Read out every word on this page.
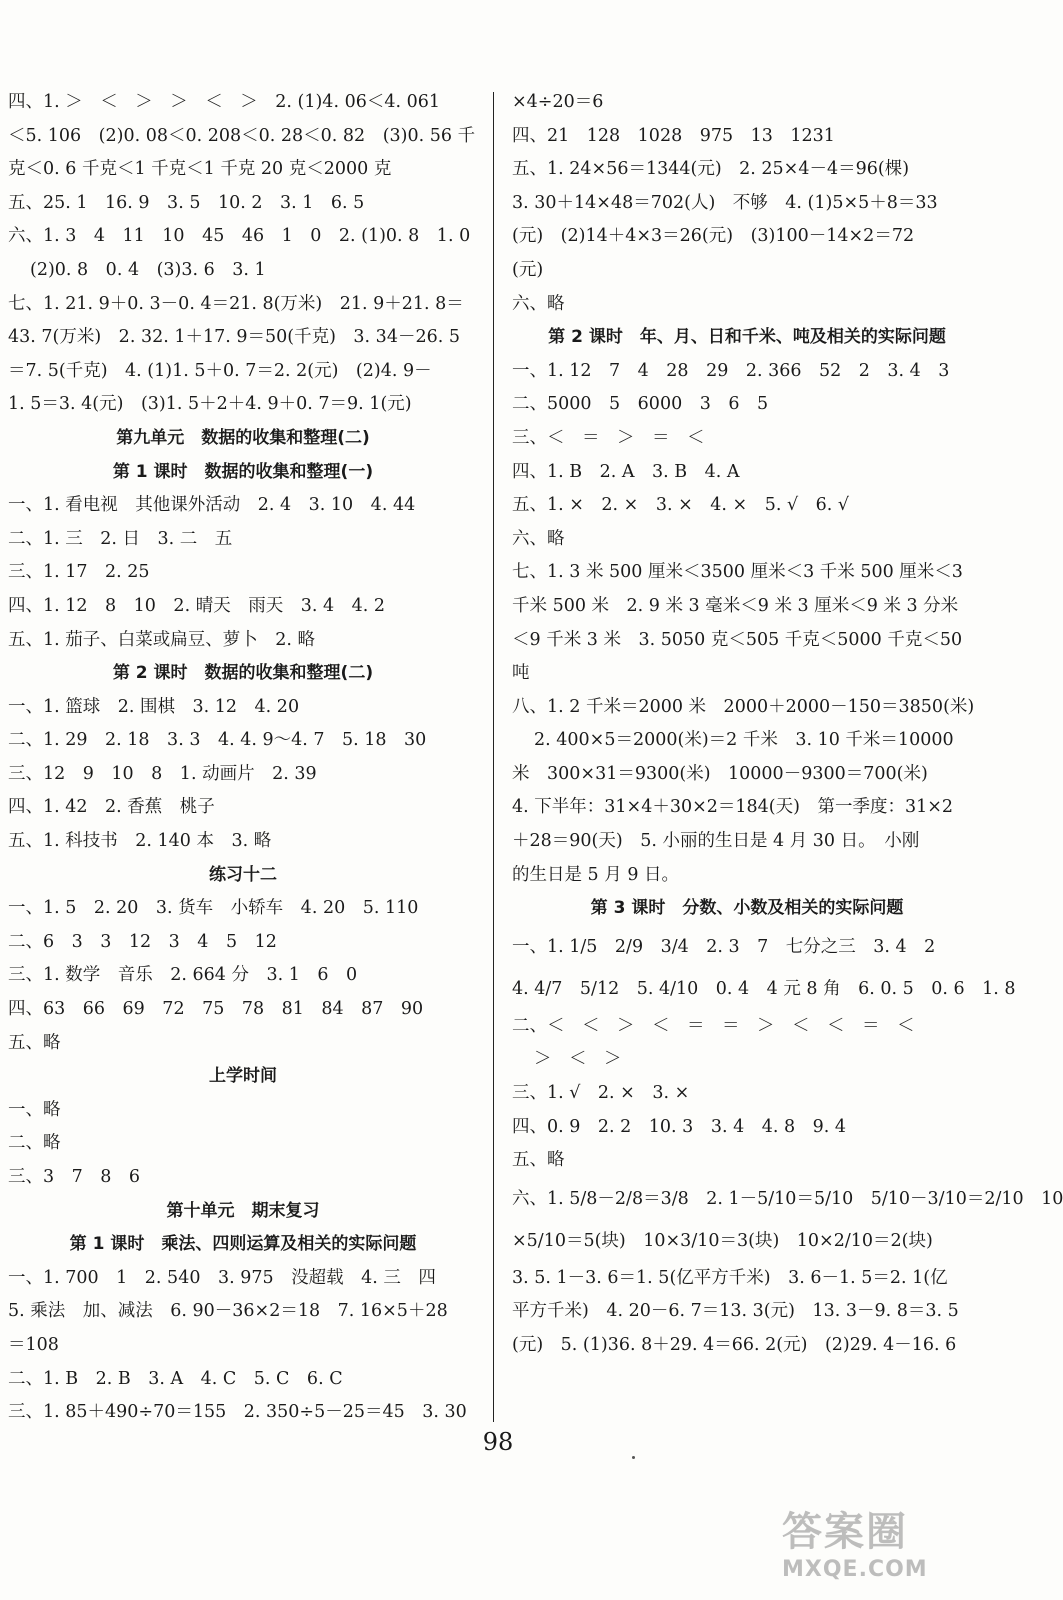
四、1. ＞　＜　＞　＞　＜　＞　2. (1)4. 06＜4. 061
＜5. 106　(2)0. 08＜0. 208＜0. 28＜0. 82　(3)0. 56 千
克＜0. 6 千克＜1 千克＜1 千克 20 克＜2000 克
五、25. 1　16. 9　3. 5　10. 2　3. 1　6. 5
六、1. 3　4　11　10　45　46　1　0　2. (1)0. 8　1. 0
(2)0. 8　0. 4　(3)3. 6　3. 1
七、1. 21. 9＋0. 3－0. 4＝21. 8(万米)　21. 9＋21. 8＝
43. 7(万米)　2. 32. 1＋17. 9＝50(千克)　3. 34－26. 5
＝7. 5(千克)　4. (1)1. 5＋0. 7＝2. 2(元)　(2)4. 9－
1. 5＝3. 4(元)　(3)1. 5＋2＋4. 9＋0. 7＝9. 1(元)
第九单元　数据的收集和整理(二)
第 1 课时　数据的收集和整理(一)
一、1. 看电视　其他课外活动　2. 4　3. 10　4. 44
二、1. 三　2. 日　3. 二　五
三、1. 17　2. 25
四、1. 12　8　10　2. 晴天　雨天　3. 4　4. 2
五、1. 茄子、白菜或扁豆、萝卜　2. 略
第 2 课时　数据的收集和整理(二)
一、1. 篮球　2. 围棋　3. 12　4. 20
二、1. 29　2. 18　3. 3　4. 4. 9～4. 7　5. 18　30
三、12　9　10　8　1. 动画片　2. 39
四、1. 42　2. 香蕉　桃子
五、1. 科技书　2. 140 本　3. 略
练习十二
一、1. 5　2. 20　3. 货车　小轿车　4. 20　5. 110
二、6　3　3　12　3　4　5　12
三、1. 数学　音乐　2. 664 分　3. 1　6　0
四、63　66　69　72　75　78　81　84　87　90
五、略
上学时间
一、略
二、略
三、3　7　8　6
第十单元　期末复习
第 1 课时　乘法、四则运算及相关的实际问题
一、1. 700　1　2. 540　3. 975　没超载　4. 三　四
5. 乘法　加、减法　6. 90－36×2＝18　7. 16×5＋28
＝108
二、1. B　2. B　3. A　4. C　5. C　6. C
三、1. 85＋490÷70＝155　2. 350÷5－25＝45　3. 30
×4÷20＝6
四、21　128　1028　975　13　1231
五、1. 24×56＝1344(元)　2. 25×4－4＝96(棵)
3. 30＋14×48＝702(人)　不够　4. (1)5×5＋8＝33
(元)　(2)14＋4×3＝26(元)　(3)100－14×2＝72
(元)
六、略
第 2 课时　年、月、日和千米、吨及相关的实际问题
一、1. 12　7　4　28　29　2. 366　52　2　3. 4　3
二、5000　5　6000　3　6　5
三、＜　＝　＞　＝　＜
四、1. B　2. A　3. B　4. A
五、1. ×　2. ×　3. ×　4. ×　5. √　6. √
六、略
七、1. 3 米 500 厘米＜3500 厘米＜3 千米 500 厘米＜3
千米 500 米　2. 9 米 3 毫米＜9 米 3 厘米＜9 米 3 分米
＜9 千米 3 米　3. 5050 克＜505 千克＜5000 千克＜50
吨
八、1. 2 千米＝2000 米　2000＋2000－150＝3850(米)
2. 400×5＝2000(米)＝2 千米　3. 10 千米＝10000
米　300×31＝9300(米)　10000－9300＝700(米)
4. 下半年：31×4＋30×2＝184(天)　第一季度：31×2
＋28＝90(天)　5. 小丽的生日是 4 月 30 日。　小刚
的生日是 5 月 9 日。
第 3 课时　分数、小数及相关的实际问题
一、1. 1/5　2/9　3/4　2. 3　7　七分之三　3. 4　2
4. 4/7　5/12　5. 4/10　0. 4　4 元 8 角　6. 0. 5　0. 6　1. 8
二、＜　＜　＞　＜　＝　＝　＞　＜　＜　＝　＜
＞　＜　＞
三、1. √　2. ×　3. ×
四、0. 9　2. 2　10. 3　3. 4　4. 8　9. 4
五、略
六、1. 5/8－2/8＝3/8　2. 1－5/10＝5/10　5/10－3/10＝2/10　10
×5/10＝5(块)　10×3/10＝3(块)　10×2/10＝2(块)
3. 5. 1－3. 6＝1. 5(亿平方千米)　3. 6－1. 5＝2. 1(亿
平方千米)　4. 20－6. 7＝13. 3(元)　13. 3－9. 8＝3. 5
(元)　5. (1)36. 8＋29. 4＝66. 2(元)　(2)29. 4－16. 6
98
答案圈
MXQE.COM
